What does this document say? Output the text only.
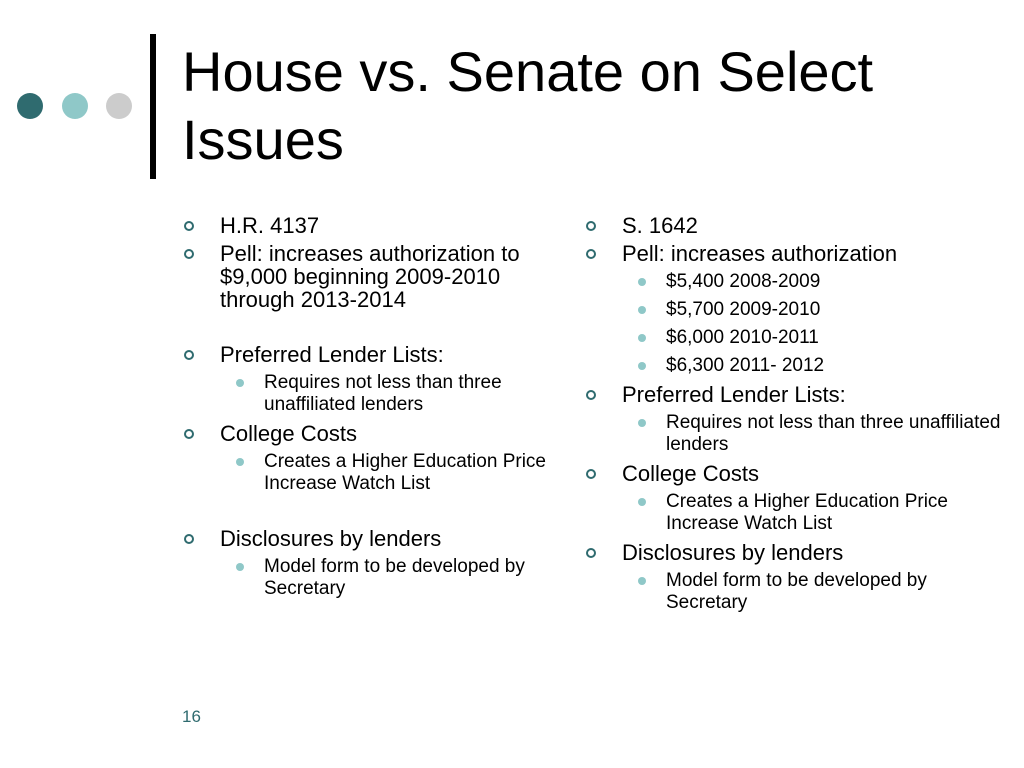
House vs. Senate on Select Issues
H.R. 4137
Pell: increases authorization to $9,000 beginning 2009-2010 through 2013-2014
Preferred Lender Lists:
Requires not less than three unaffiliated lenders
College Costs
Creates a Higher Education Price Increase Watch List
Disclosures by lenders
Model form to be developed by Secretary
S. 1642
Pell: increases authorization
$5,400 2008-2009
$5,700 2009-2010
$6,000 2010-2011
$6,300 2011- 2012
Preferred Lender Lists:
Requires not less than three unaffiliated lenders
College Costs
Creates a Higher Education Price Increase Watch List
Disclosures by lenders
Model form to be developed by Secretary
16
